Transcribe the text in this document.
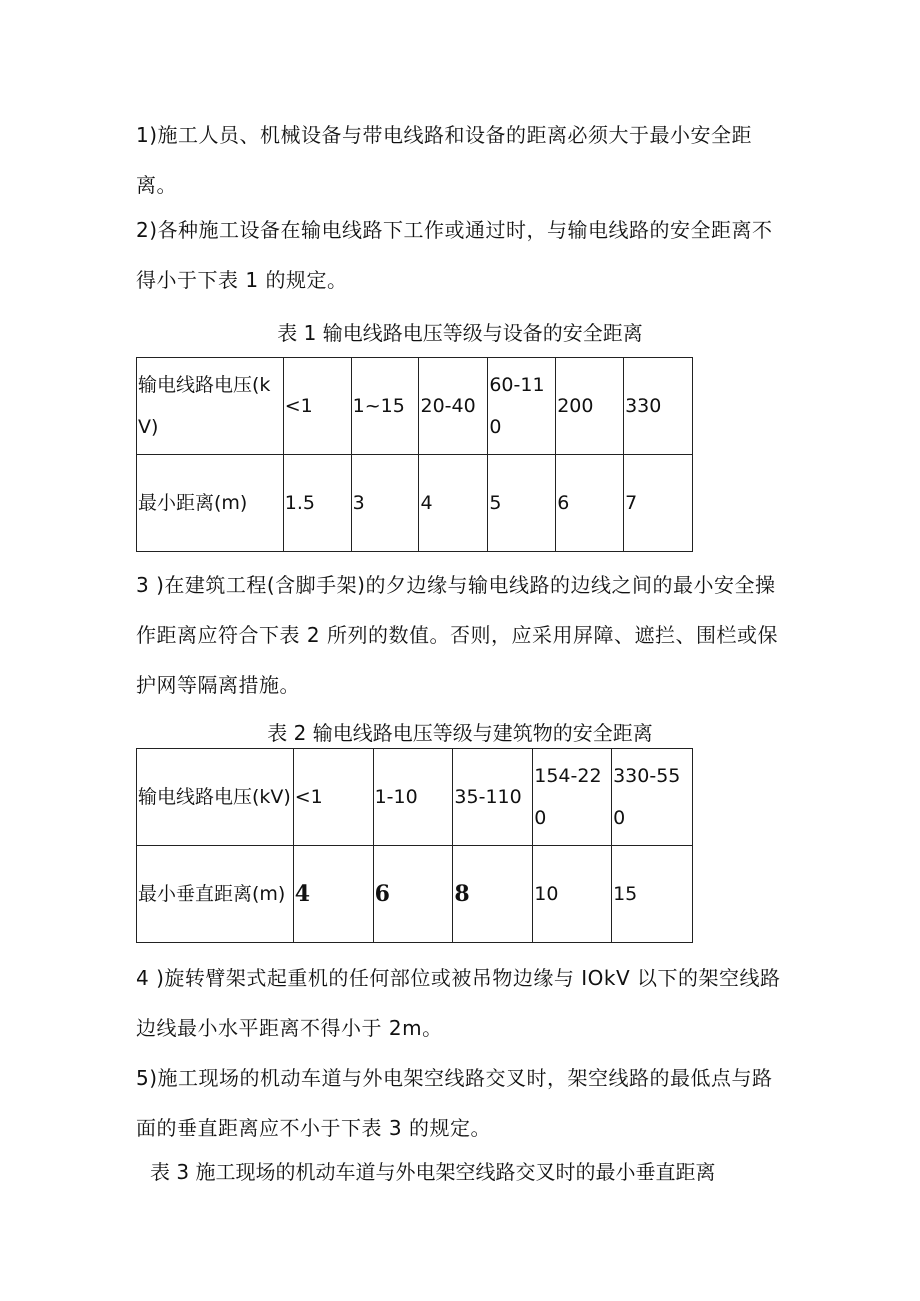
1)施工人员、机械设备与带电线路和设备的距离必须大于最小安全距离。

2)各种施工设备在输电线路下工作或通过时，与输电线路的安全距离不得小于下表 1 的规定。

表 1 输电线路电压等级与设备的安全距离

输电线路电压(kV)	<1	1~15	20-40	60-110	200	330
最小距离(m)	1.5	3	4	5	6	7

3 )在建筑工程(含脚手架)的夕边缘与输电线路的边线之间的最小安全操作距离应符合下表 2 所列的数值。否则，应采用屏障、遮拦、围栏或保护网等隔离措施。

表 2 输电线路电压等级与建筑物的安全距离

输电线路电压(kV)	<1	1-10	35-110	154-220	330-550
最小垂直距离(m)	4	6	8	10	15

4 )旋转臂架式起重机的任何部位或被吊物边缘与 IOkV 以下的架空线路边线最小水平距离不得小于 2m。

5)施工现场的机动车道与外电架空线路交叉时，架空线路的最低点与路面的垂直距离应不小于下表 3 的规定。

表 3 施工现场的机动车道与外电架空线路交叉时的最小垂直距离
